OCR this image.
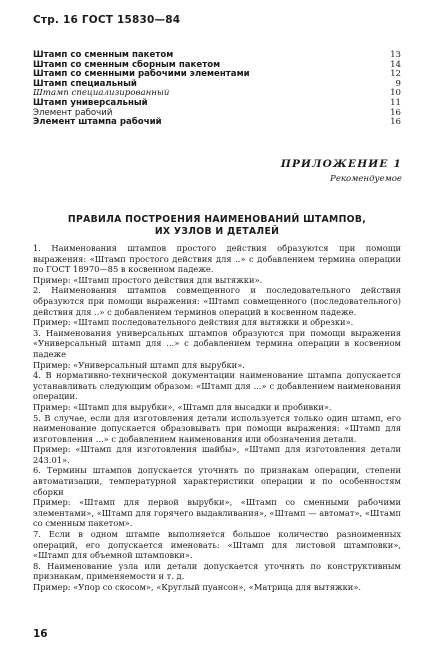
Стр. 16 ГОСТ 15830—84
Штамп со сменным пакетом	13
Штамп со сменным сборным пакетом	14
Штамп со сменными рабочими элементами	12
Штамп специальный	9
Штамп специализированный	10
Штамп универсальный	11
Элемент рабочий	16
Элемент штампа рабочий	16
ПРИЛОЖЕНИЕ 1
Рекомендуемое
ПРАВИЛА ПОСТРОЕНИЯ НАИМЕНОВАНИЙ ШТАМПОВ,
ИХ УЗЛОВ И ДЕТАЛЕЙ

1. Наименования штампов простого действия образуются при помощи выражения: «Штамп простого действия для ..» с добавлением термина операции по ГОСТ 18970—85 в косвенном падеже.

Пример: «Штамп простого действия для вытяжки».

2. Наименования штампов совмещенного и последовательного действия образуются при помощи выражения: «Штамп совмещенного (последовательного) действия для ..» с добавлением терминов операций в косвенном падеже.

Пример: «Штамп последовательного действия для вытяжки и обрезки».

3. Наименования универсальных штампов образуются при помощи выражения «Универсальный штамп для ...» с добавлением термина операции в косвенном падеже

Пример: «Универсальный штамп для вырубки».

4. В нормативно-технической документации наименование штампа допускается устанавливать следующим образом: «Штамп для ...» с добавлением наименования операции.

Пример: «Штамп для вырубки», «Штамп для высадки и пробивки».

5. В случае, если для изготовления детали используется только один штамп, его наименование допускается образовывать при помощи выражения: «Штамп для изготовления ...» с добавлением наименования или обозначения детали.

Пример: «Штамп для изготовления шайбы», «Штамп для изготовления детали 243.01».

6. Термины штампов допускается уточнять по признакам операции, степени автоматизации, температурной характеристики операции и по особенностям сборки

Пример: «Штамп для первой вырубки», «Штамп со сменными рабочими элементами», «Штамп для горячего выдавливания», «Штамп — автомат», «Штамп со сменным пакетом».

7. Если в одном штампе выполняется большое количество разноименных операций, его допускается именовать: «Штамп для листовой штамповки», «Штамп для объемной штамповки».

8. Наименование узла или детали допускается уточнять по конструктивным признакам, применяемости и т. д.

Пример: «Упор со скосом», «Круглый пуансон», «Матрица для вытяжки».

16
